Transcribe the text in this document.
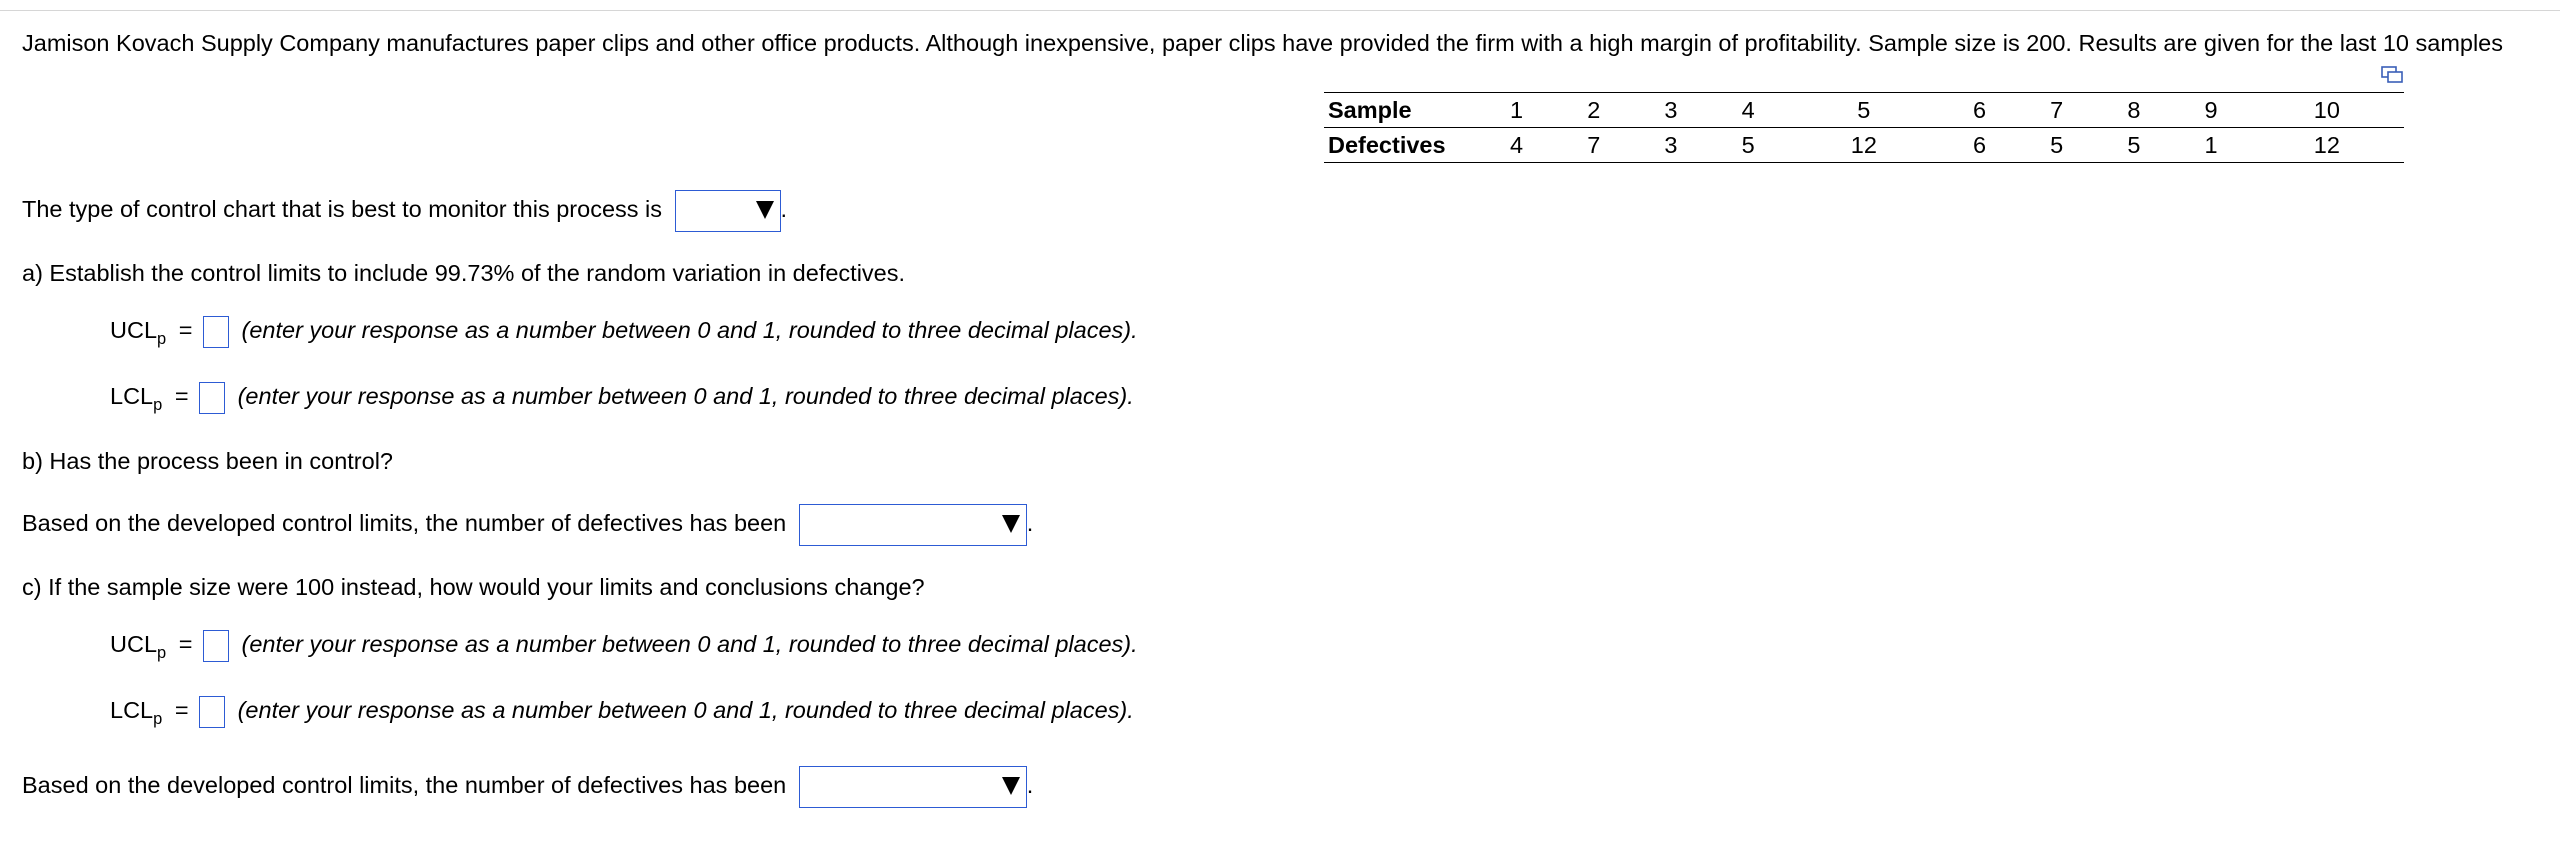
Jamison Kovach Supply Company manufactures paper clips and other office products. Although inexpensive, paper clips have provided the firm with a high margin of profitability. Sample size is 200. Results are given for the last 10 samples
Sample	1	2	3	4	5	6	7	8	9	10
Defectives	4	7	3	5	12	6	5	5	1	12
The type of control chart that is best to monitor this process is	.
a) Establish the control limits to include 99.73% of the random variation in defectives.
$UCL_p$ = (enter your response as a number between 0 and 1, rounded to three decimal places).
$LCL_p$ = (enter your response as a number between 0 and 1, rounded to three decimal places).
b) Has the process been in control?
Based on the developed control limits, the number of defectives has been	.
c) If the sample size were 100 instead, how would your limits and conclusions change?
$UCL_p$ = (enter your response as a number between 0 and 1, rounded to three decimal places).
$LCL_p$ = (enter your response as a number between 0 and 1, rounded to three decimal places).
Based on the developed control limits, the number of defectives has been	.
